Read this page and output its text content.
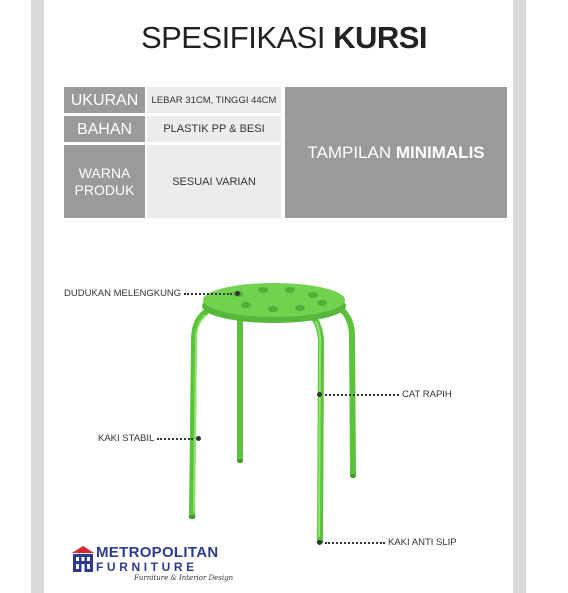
SPESIFIKASI KURSI
UKURAN LEBAR 31CM, TINGGI 44CM
BAHAN	PLASTIK PP & BESI
WARNA
PRODUK	SESUAI VARIAN
TAMPILAN
MINIMALIS
DUDUKAN MELENGKUNG
CAT RAPIH
KAKI STABIL
KAKI ANTI SLIP
METROPOLITAN
FURNITURE
Furniture & Interior Design
